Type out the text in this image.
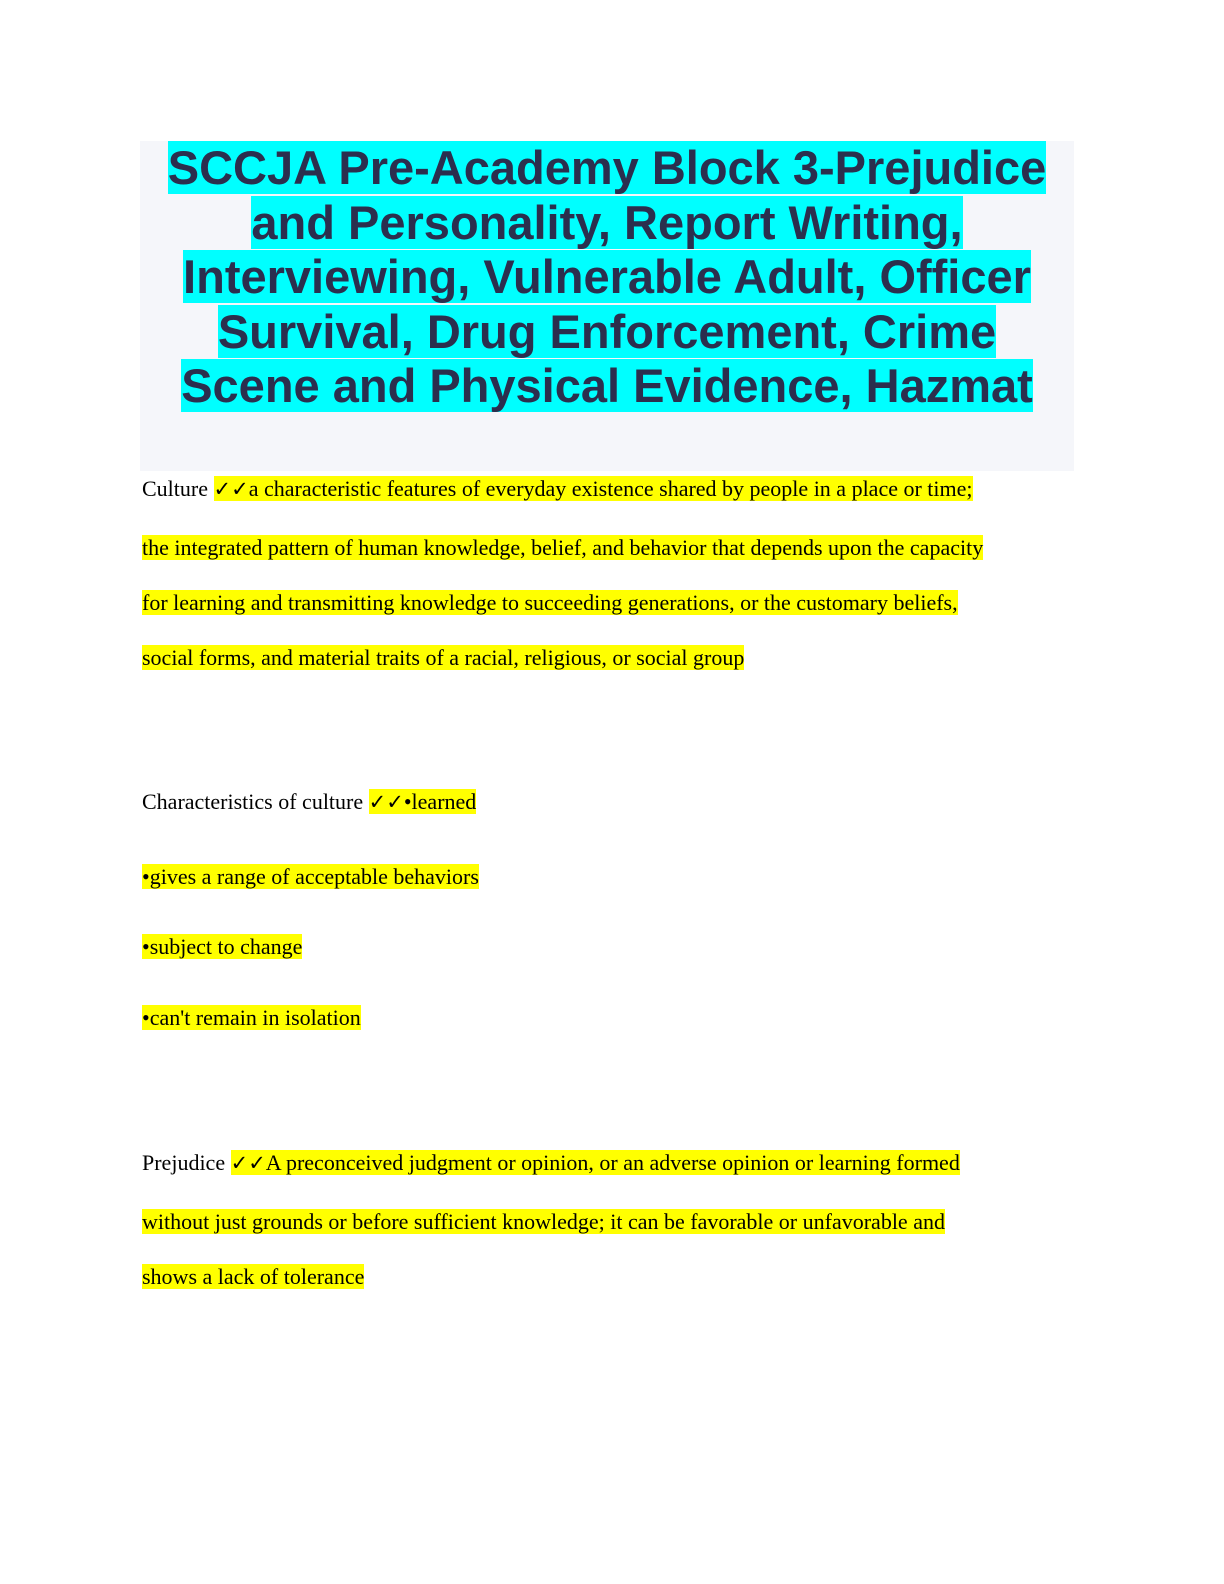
SCCJA Pre-Academy Block 3-Prejudice
and Personality, Report Writing,
Interviewing, Vulnerable Adult, Officer
Survival, Drug Enforcement, Crime
Scene and Physical Evidence, Hazmat
Culture ✓✓a characteristic features of everyday existence shared by people in a place or time;
the integrated pattern of human knowledge, belief, and behavior that depends upon the capacity
for learning and transmitting knowledge to succeeding generations, or the customary beliefs,
social forms, and material traits of a racial, religious, or social group
Characteristics of culture ✓✓•learned
•gives a range of acceptable behaviors
•subject to change
•can't remain in isolation
Prejudice ✓✓A preconceived judgment or opinion, or an adverse opinion or learning formed
without just grounds or before sufficient knowledge; it can be favorable or unfavorable and
shows a lack of tolerance
